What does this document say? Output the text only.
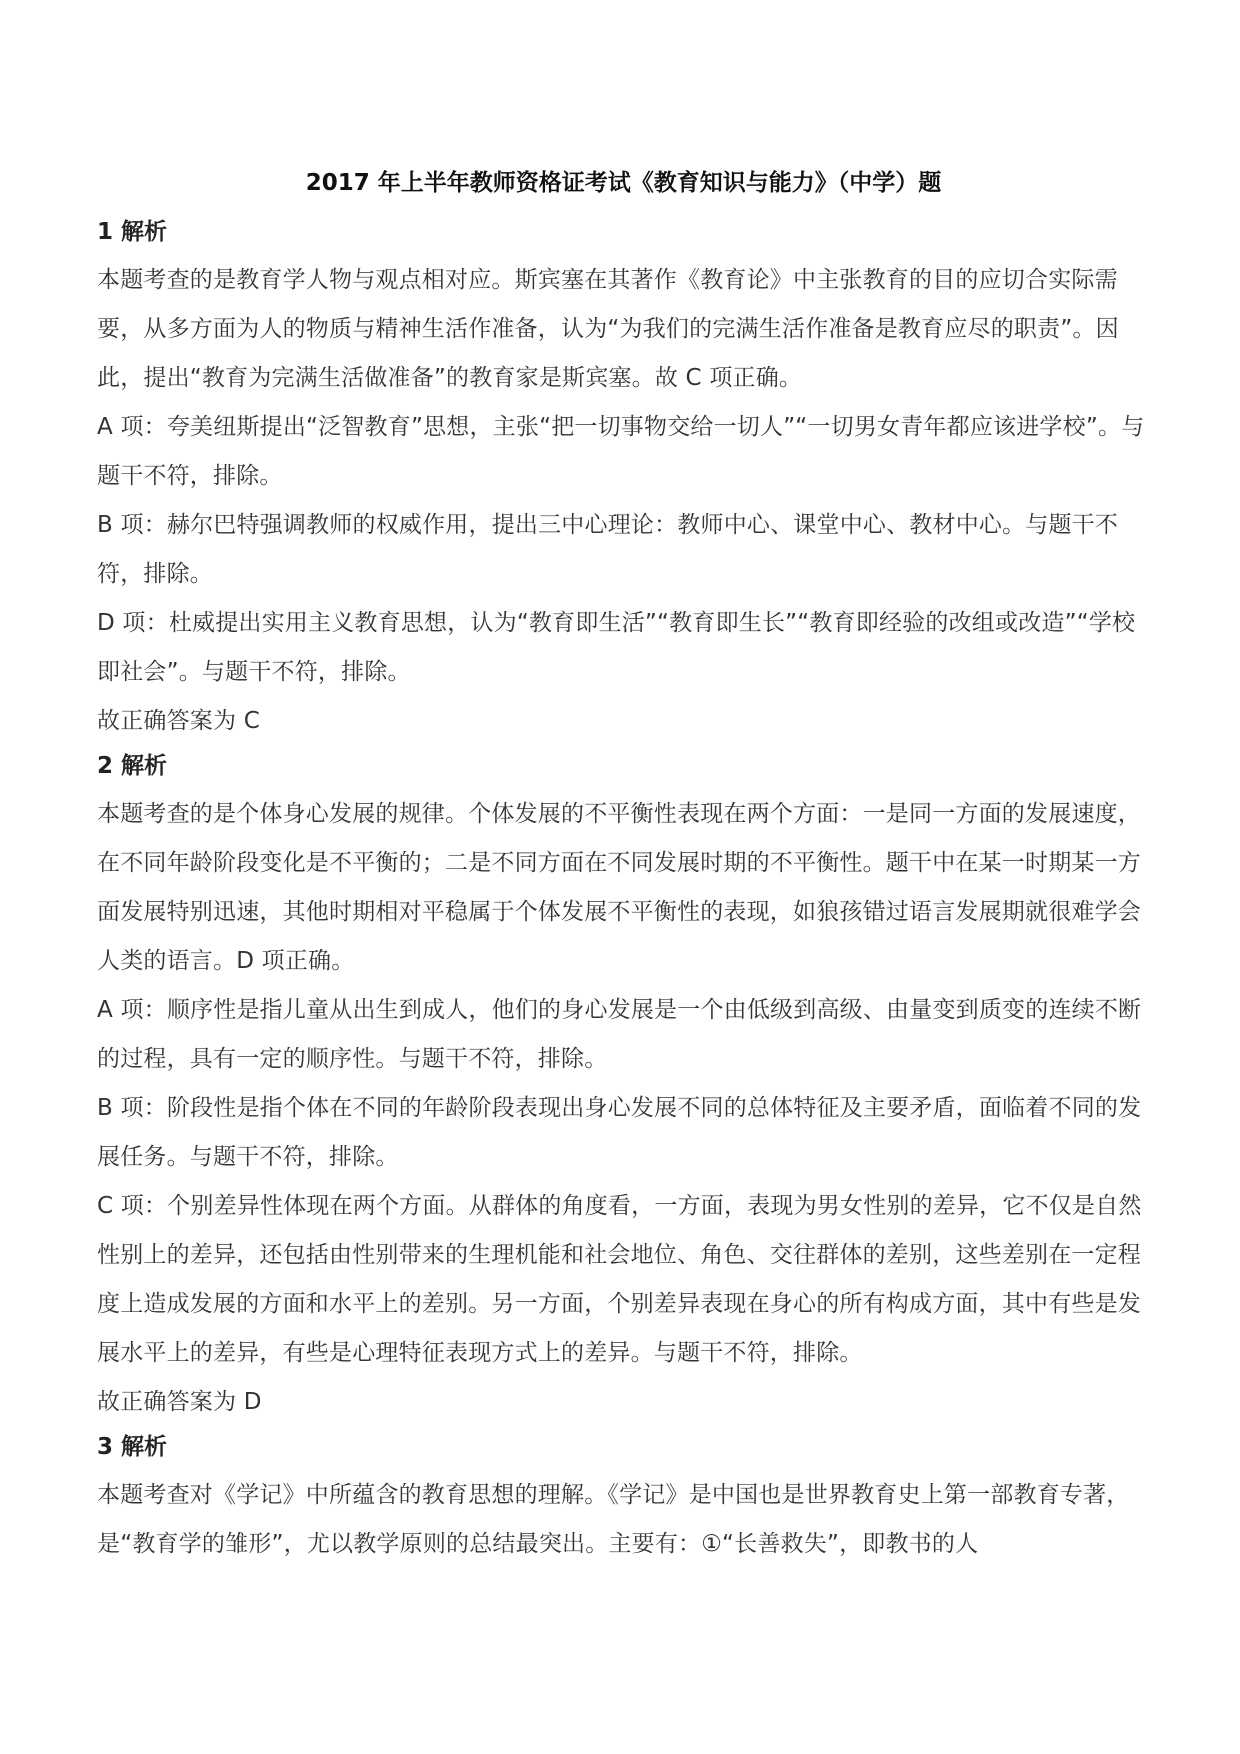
2017 年上半年教师资格证考试《教育知识与能力》（中学）题
1 解析

本题考查的是教育学人物与观点相对应。斯宾塞在其著作《教育论》中主张教育的目的应切合实际需要，从多方面为人的物质与精神生活作准备，认为“为我们的完满生活作准备是教育应尽的职责”。因此，提出“教育为完满生活做准备”的教育家是斯宾塞。故 C 项正确。

A 项：夸美纽斯提出“泛智教育”思想，主张“把一切事物交给一切人”“一切男女青年都应该进学校”。与题干不符，排除。

B 项：赫尔巴特强调教师的权威作用，提出三中心理论：教师中心、课堂中心、教材中心。与题干不符，排除。

D 项：杜威提出实用主义教育思想，认为“教育即生活”“教育即生长”“教育即经验的改组或改造”“学校即社会”。与题干不符，排除。

故正确答案为 C

2 解析

本题考查的是个体身心发展的规律。个体发展的不平衡性表现在两个方面：一是同一方面的发展速度，在不同年龄阶段变化是不平衡的；二是不同方面在不同发展时期的不平衡性。题干中在某一时期某一方面发展特别迅速，其他时期相对平稳属于个体发展不平衡性的表现，如狼孩错过语言发展期就很难学会人类的语言。D 项正确。

A 项：顺序性是指儿童从出生到成人，他们的身心发展是一个由低级到高级、由量变到质变的连续不断的过程，具有一定的顺序性。与题干不符，排除。

B 项：阶段性是指个体在不同的年龄阶段表现出身心发展不同的总体特征及主要矛盾，面临着不同的发展任务。与题干不符，排除。

C 项：个别差异性体现在两个方面。从群体的角度看，一方面，表现为男女性别的差异，它不仅是自然性别上的差异，还包括由性别带来的生理机能和社会地位、角色、交往群体的差别，这些差别在一定程度上造成发展的方面和水平上的差别。另一方面，个别差异表现在身心的所有构成方面，其中有些是发展水平上的差异，有些是心理特征表现方式上的差异。与题干不符，排除。

故正确答案为 D

3 解析

本题考查对《学记》中所蕴含的教育思想的理解。《学记》是中国也是世界教育史上第一部教育专著，是“教育学的雏形”，尤以教学原则的总结最突出。主要有：①“长善救失”，即教书的人
